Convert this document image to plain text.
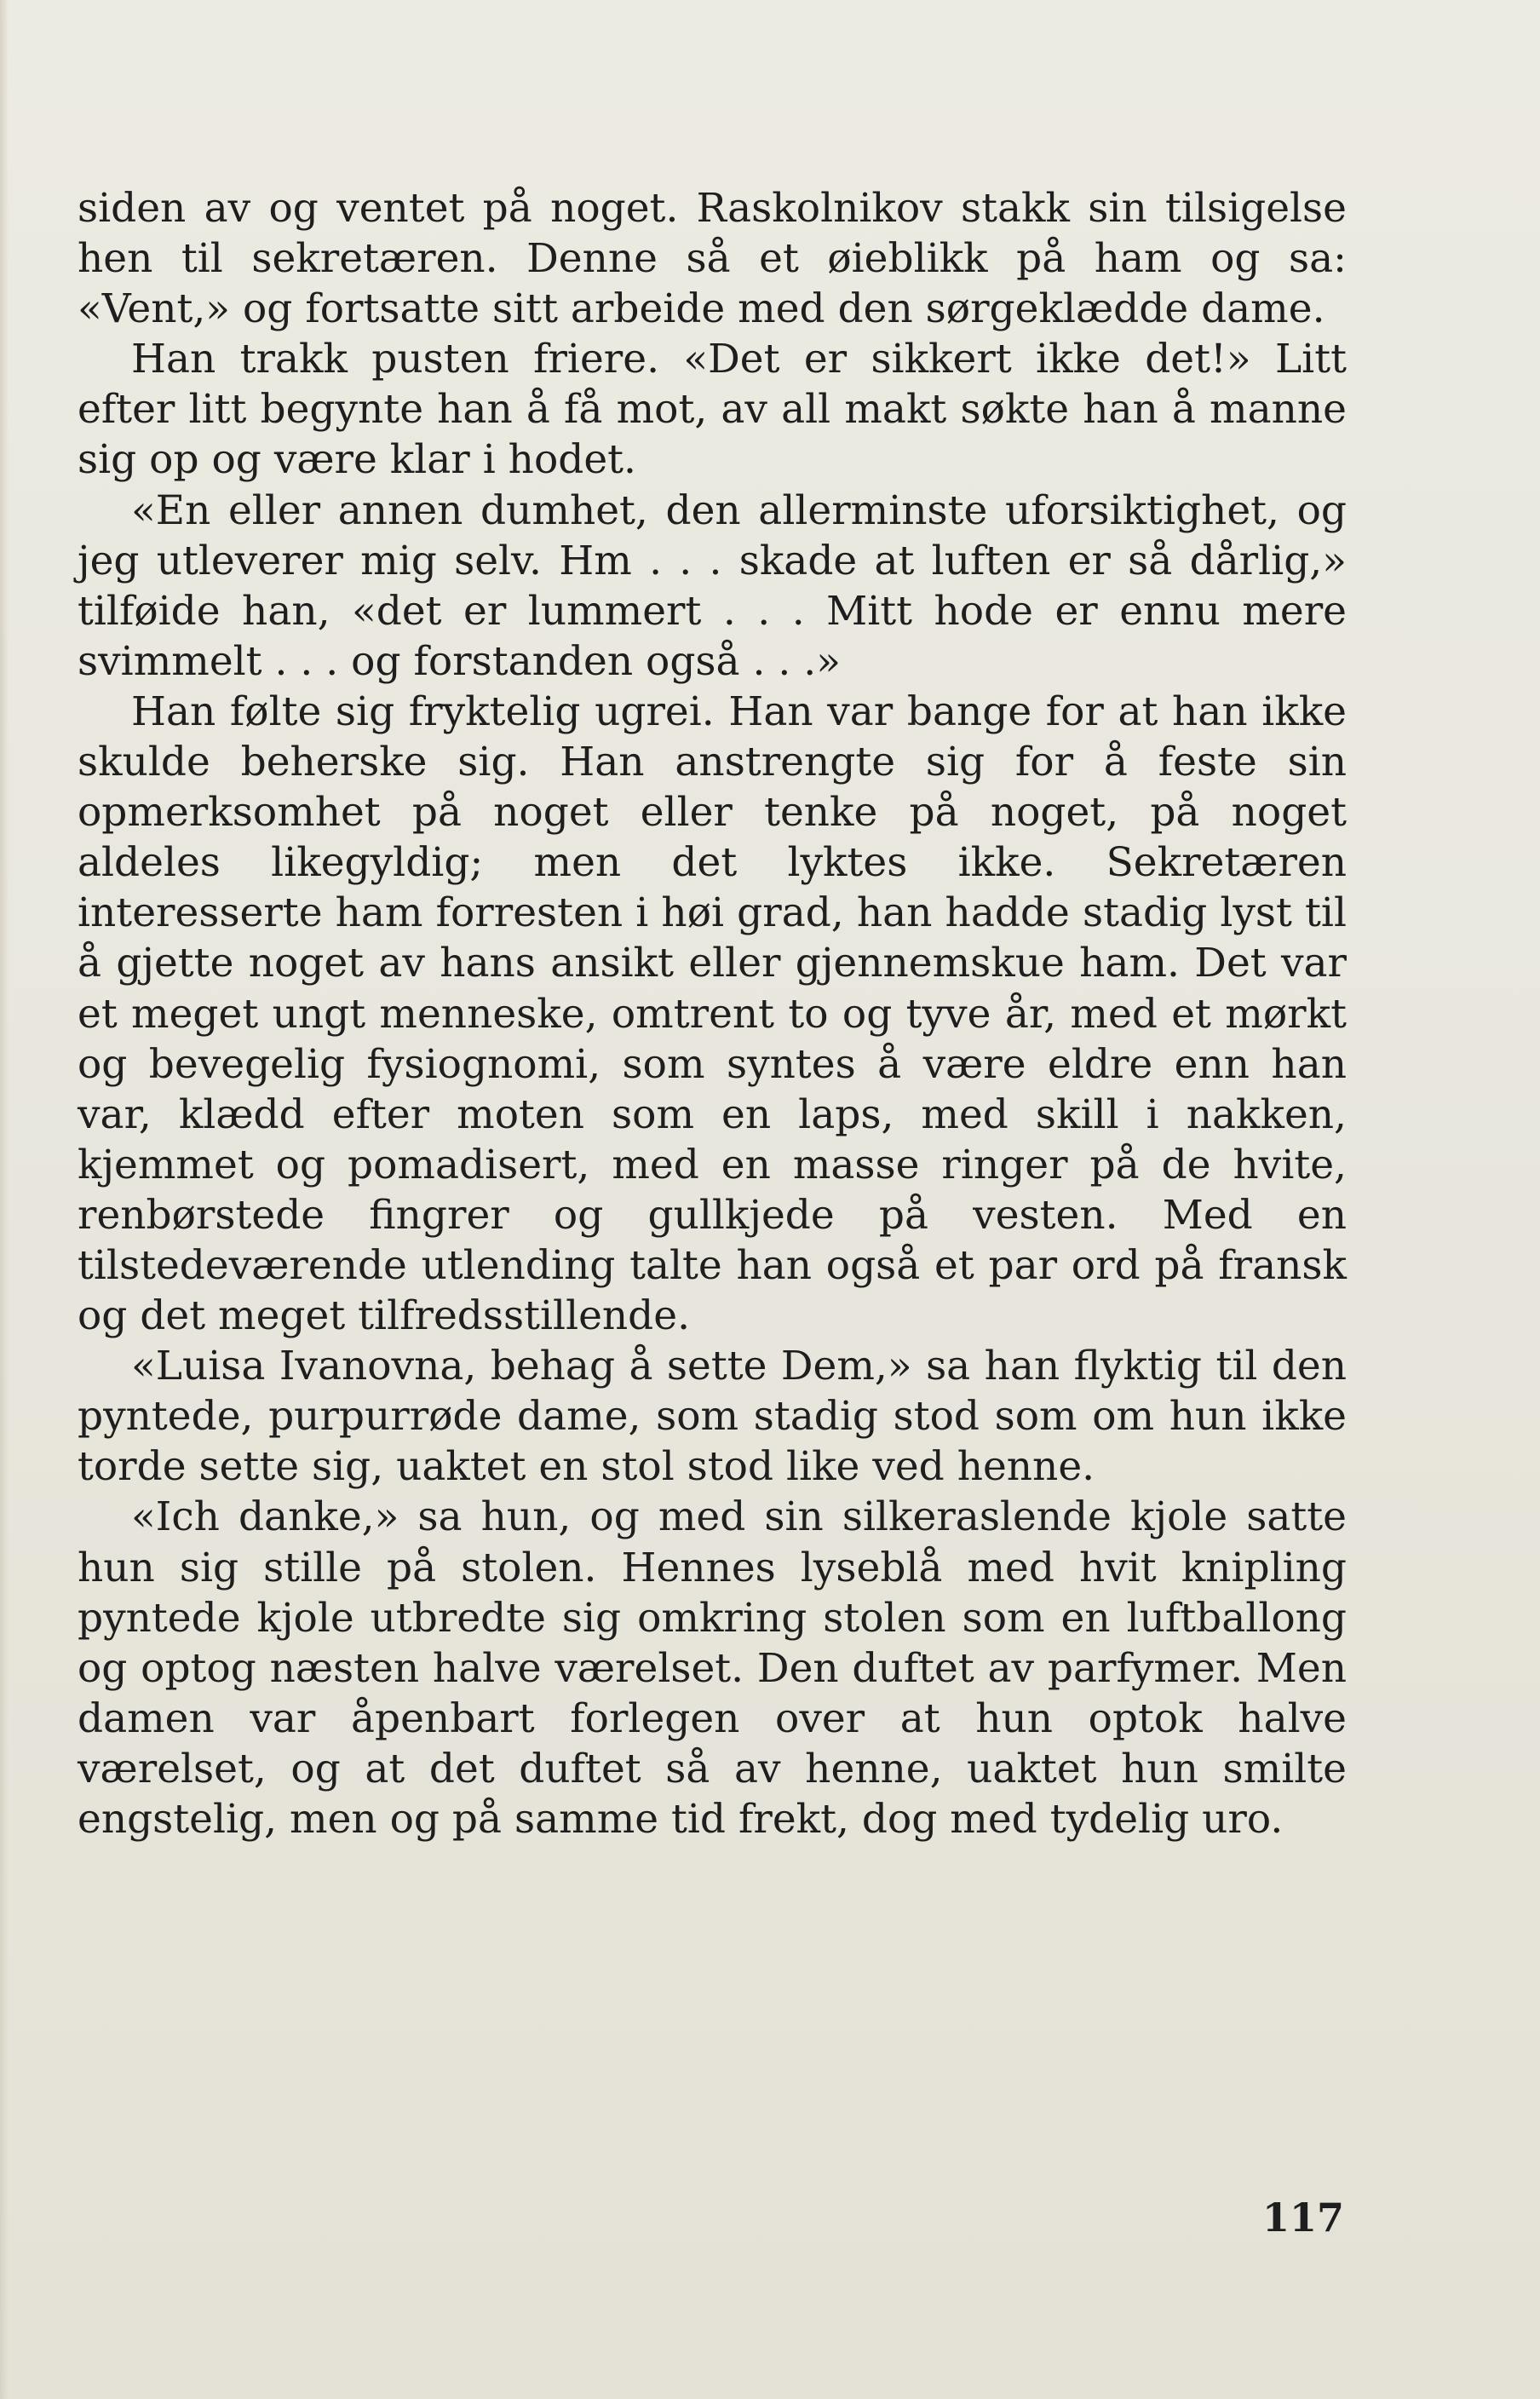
siden av og ventet på noget. Raskolnikov stakk sin tilsigelse hen til sekretæren. Denne så et øieblikk på ham og sa: «Vent,» og fortsatte sitt arbeide med den sørgeklædde dame.

Han trakk pusten friere. «Det er sikkert ikke det!» Litt efter litt begynte han å få mot, av all makt søkte han å manne sig op og være klar i hodet.

«En eller annen dumhet, den allerminste uforsiktighet, og jeg utleverer mig selv. Hm . . . skade at luften er så dårlig,» tilføide han, «det er lummert . . . Mitt hode er ennu mere svimmelt . . . og forstanden også . . .»

Han følte sig fryktelig ugrei. Han var bange for at han ikke skulde beherske sig. Han anstrengte sig for å feste sin opmerksomhet på noget eller tenke på noget, på noget aldeles likegyldig; men det lyktes ikke. Sekretæren interesserte ham forresten i høi grad, han hadde stadig lyst til å gjette noget av hans ansikt eller gjennemskue ham. Det var et meget ungt menneske, omtrent to og tyve år, med et mørkt og bevegelig fysiognomi, som syntes å være eldre enn han var, klædd efter moten som en laps, med skill i nakken, kjemmet og pomadisert, med en masse ringer på de hvite, renbørstede fingrer og gullkjede på vesten. Med en tilstedeværende utlending talte han også et par ord på fransk og det meget tilfredsstillende.

«Luisa Ivanovna, behag å sette Dem,» sa han flyktig til den pyntede, purpurrøde dame, som stadig stod som om hun ikke torde sette sig, uaktet en stol stod like ved henne.

«Ich danke,» sa hun, og med sin silkeraslende kjole satte hun sig stille på stolen. Hennes lyseblå med hvit knipling pyntede kjole utbredte sig omkring stolen som en luftballong og optog næsten halve værelset. Den duftet av parfymer. Men damen var åpenbart forlegen over at hun optok halve værelset, og at det duftet så av henne, uaktet hun smilte engstelig, men og på samme tid frekt, dog med tydelig uro.

117
